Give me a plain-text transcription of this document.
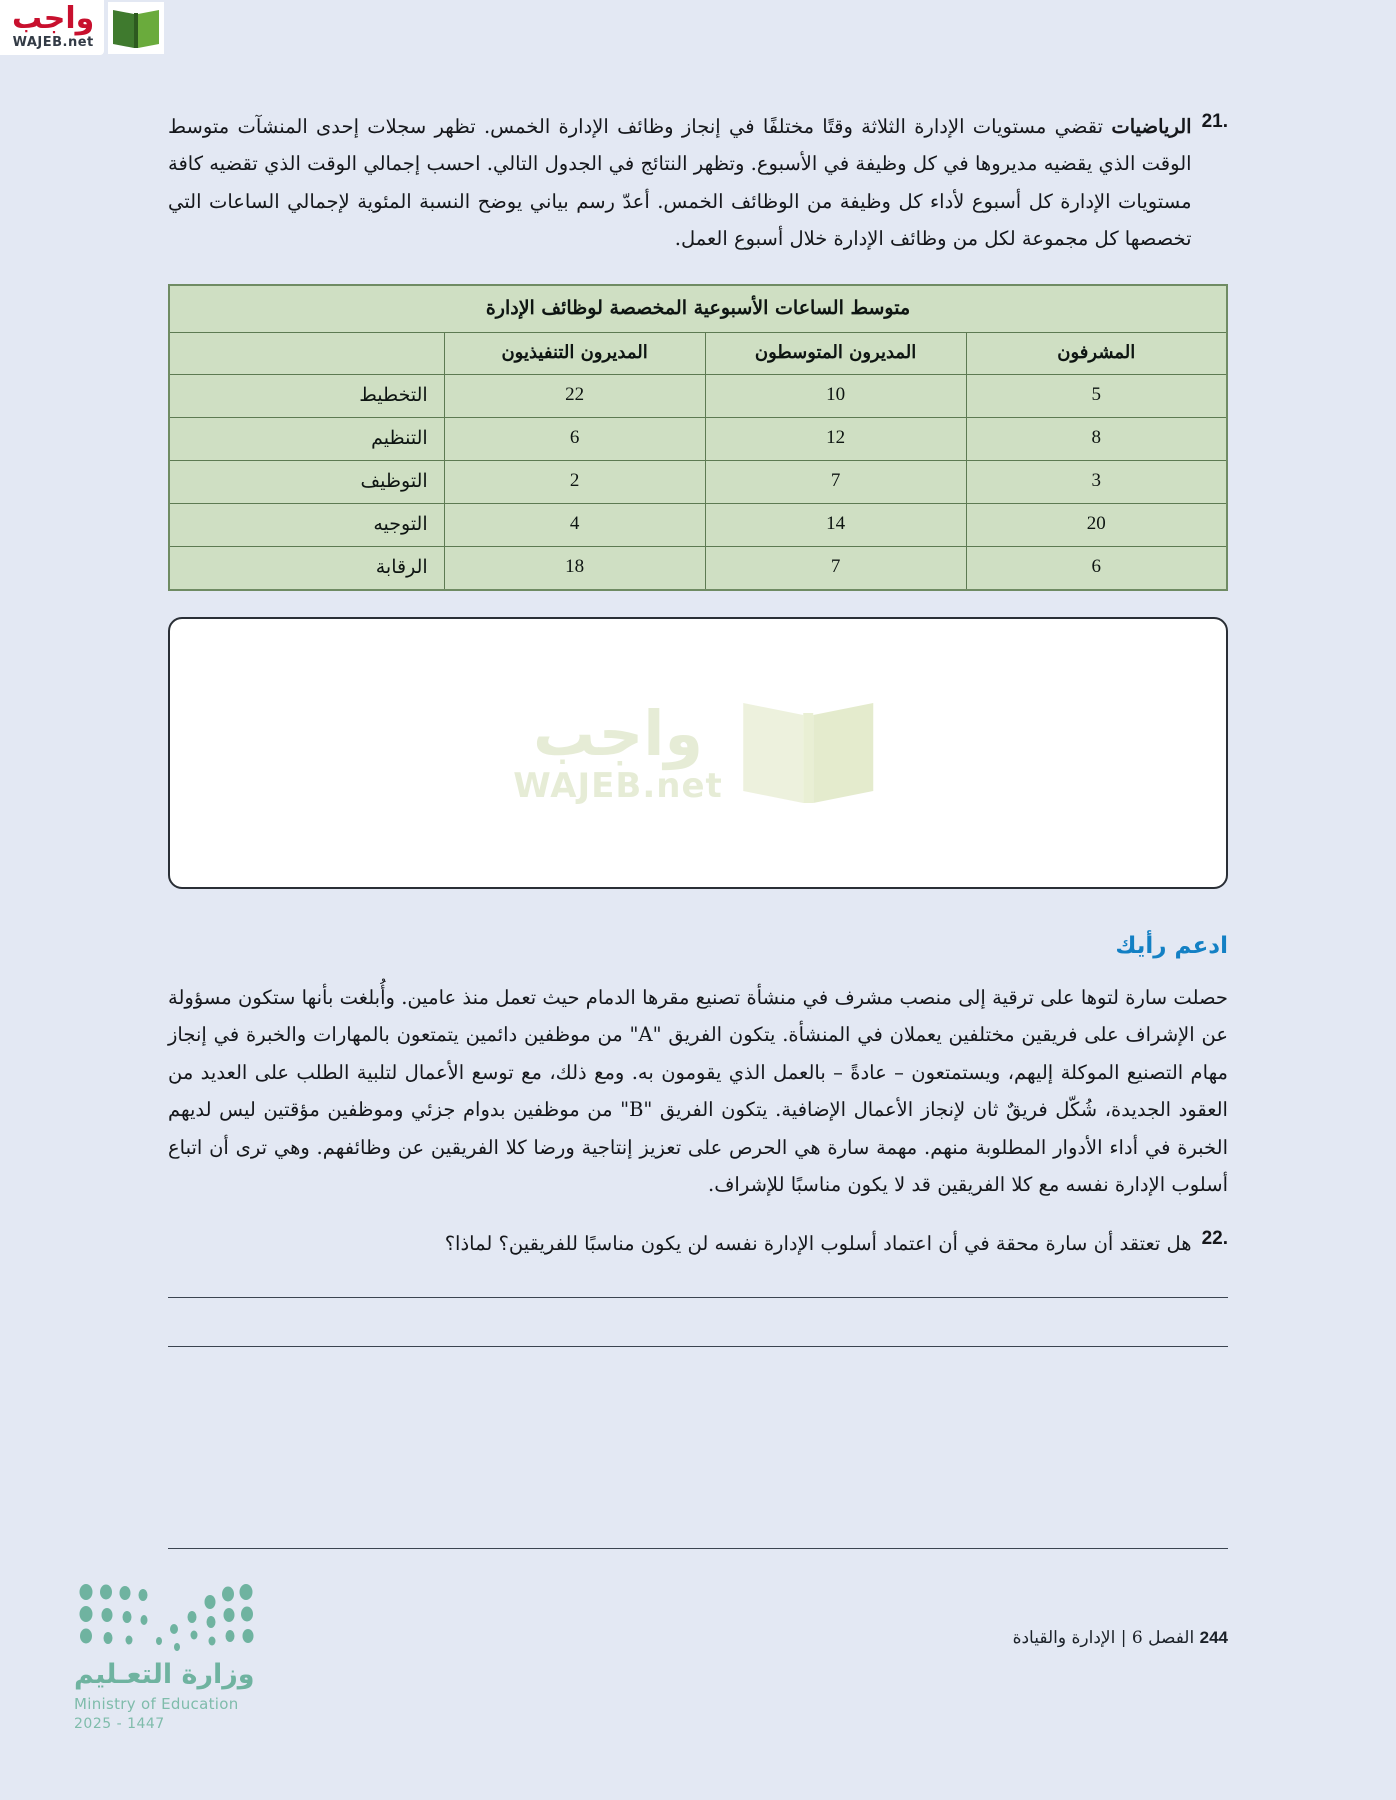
واجب
WAJEB.net
21.
الرياضيات تقضي مستويات الإدارة الثلاثة وقتًا مختلفًا في إنجاز وظائف الإدارة الخمس. تظهر سجلات إحدى المنشآت متوسط الوقت الذي يقضيه مديروها في كل وظيفة في الأسبوع. وتظهر النتائج في الجدول التالي. احسب إجمالي الوقت الذي تقضيه كافة مستويات الإدارة كل أسبوع لأداء كل وظيفة من الوظائف الخمس. أعدّ رسم بياني يوضح النسبة المئوية لإجمالي الساعات التي تخصصها كل مجموعة لكل من وظائف الإدارة خلال أسبوع العمل.
متوسط الساعات الأسبوعية المخصصة لوظائف الإدارة			
المشرفون	المديرون المتوسطون	المديرون التنفيذيون	
5	10	22	التخطيط
8	12	6	التنظيم
3	7	2	التوظيف
20	14	4	التوجيه
6	7	18	الرقابة
واجب
WAJEB.net
ادعم رأيك
حصلت سارة لتوها على ترقية إلى منصب مشرف في منشأة تصنيع مقرها الدمام حيث تعمل منذ عامين. وأُبلغت بأنها ستكون مسؤولة عن الإشراف على فريقين مختلفين يعملان في المنشأة. يتكون الفريق "A" من موظفين دائمين يتمتعون بالمهارات والخبرة في إنجاز مهام التصنيع الموكلة إليهم، ويستمتعون – عادةً – بالعمل الذي يقومون به. ومع ذلك، مع توسع الأعمال لتلبية الطلب على العديد من العقود الجديدة، شُكّل فريقٌ ثان لإنجاز الأعمال الإضافية. يتكون الفريق "B" من موظفين بدوام جزئي وموظفين مؤقتين ليس لديهم الخبرة في أداء الأدوار المطلوبة منهم. مهمة سارة هي الحرص على تعزيز إنتاجية ورضا كلا الفريقين عن وظائفهم. وهي ترى أن اتباع أسلوب الإدارة نفسه مع كلا الفريقين قد لا يكون مناسبًا للإشراف.
22.
هل تعتقد أن سارة محقة في أن اعتماد أسلوب الإدارة نفسه لن يكون مناسبًا للفريقين؟ لماذا؟
244 الفصل 6 | الإدارة والقيادة
وزارة التعـليم
Ministry of Education
2025 - 1447
